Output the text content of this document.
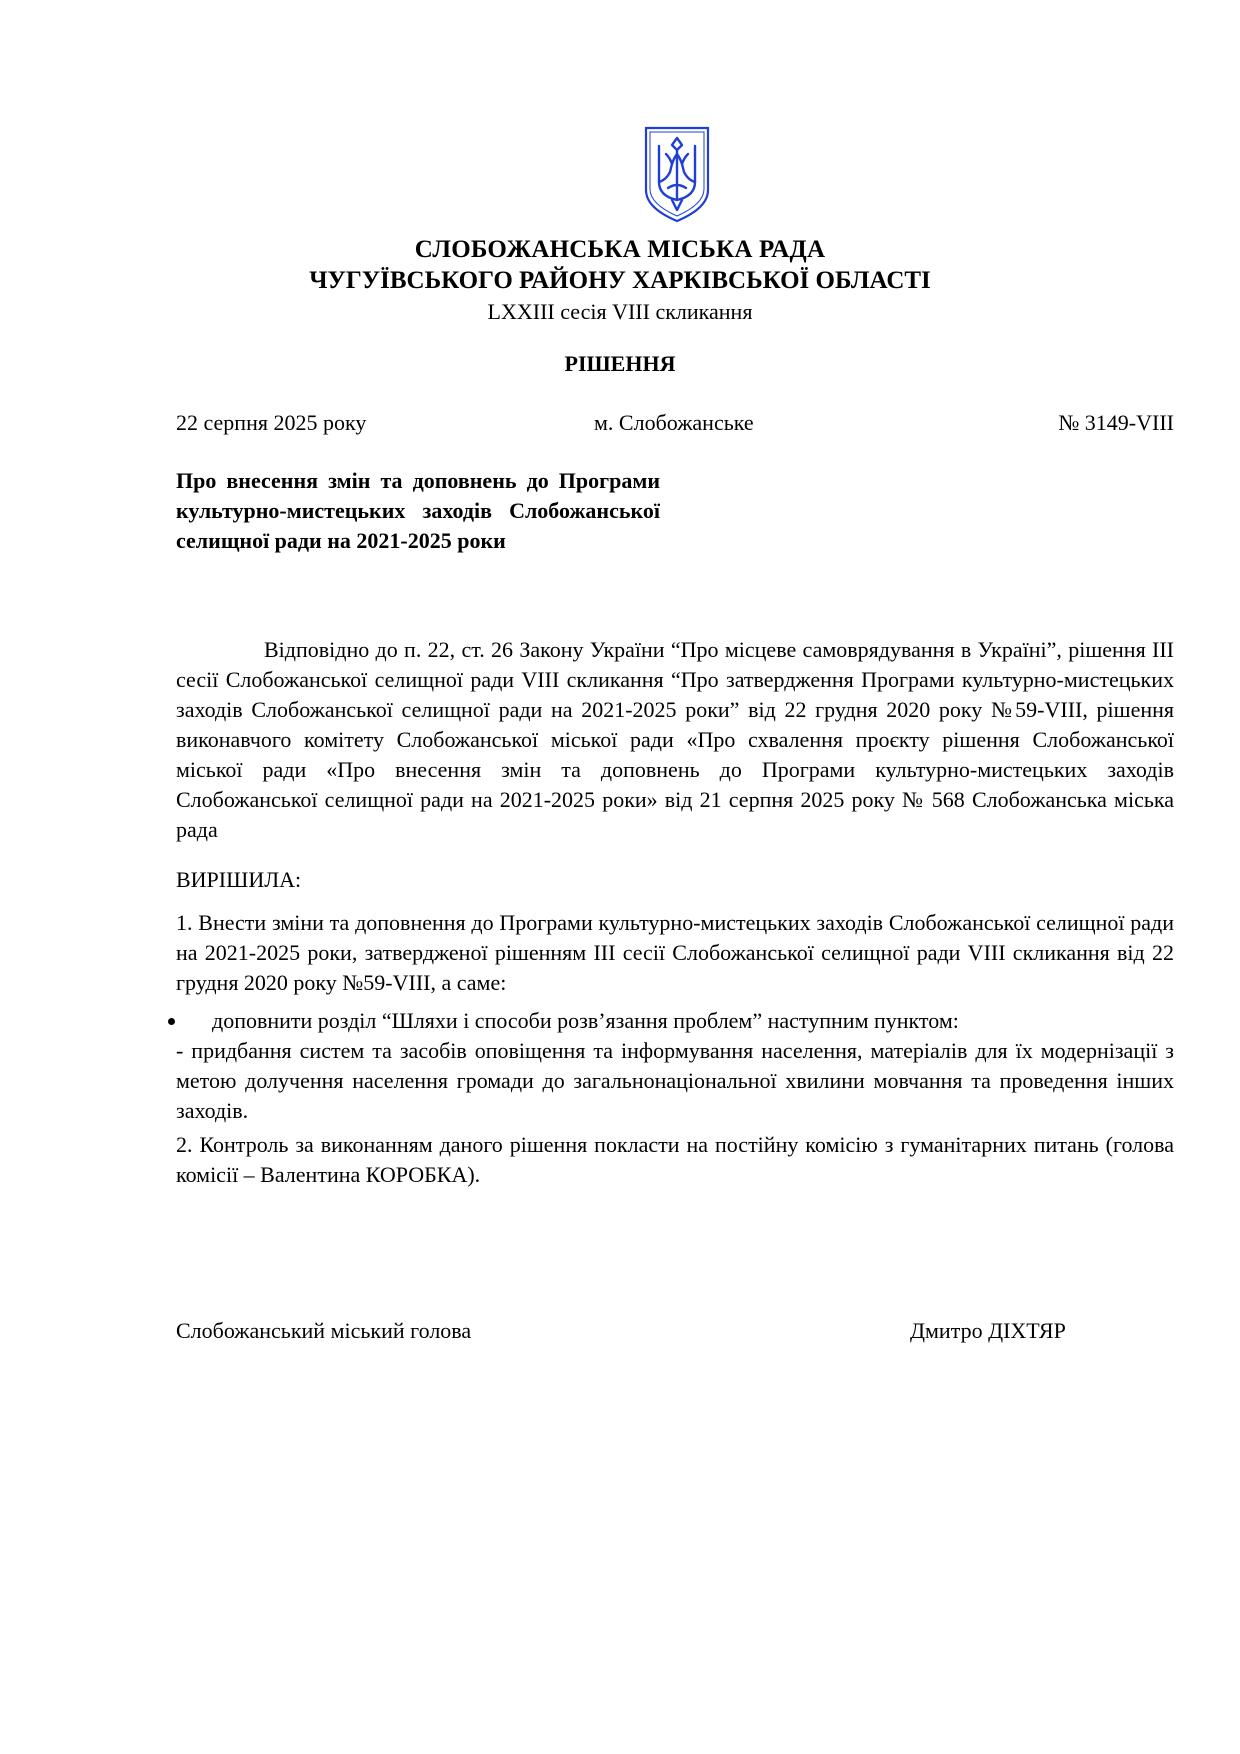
СЛОБОЖАНСЬКА МІСЬКА РАДА
ЧУГУЇВСЬКОГО РАЙОНУ ХАРКІВСЬКОЇ ОБЛАСТІ
LXXIII сесія VIII скликання
РІШЕННЯ
22 серпня 2025 року	м. Слобожанське	№ 3149-VIII
Про внесення змін та доповнень до Програми культурно-мистецьких заходів Слобожанської селищної ради на 2021-2025 роки
Відповідно до п. 22, ст. 26 Закону України “Про місцеве самоврядування в Україні”, рішення ІІІ сесії Слобожанської селищної ради VIII скликання “Про затвердження Програми культурно-мистецьких заходів Слобожанської селищної ради на 2021-2025 роки” від 22 грудня 2020 року №59-VIII, рішення виконавчого комітету Слобожанської міської ради «Про схвалення проєкту рішення Слобожанської міської ради «Про внесення змін та доповнень до Програми культурно-мистецьких заходів Слобожанської селищної ради на 2021-2025 роки» від 21 серпня 2025 року № 568 Слобожанська міська рада
ВИРІШИЛА:
1. Внести зміни та доповнення до Програми культурно-мистецьких заходів Слобожанської селищної ради на 2021-2025 роки, затвердженої рішенням ІІІ сесії Слобожанської селищної ради VIII скликання від 22 грудня 2020 року №59-VIII, а саме:
доповнити розділ “Шляхи і способи розв’язання проблем” наступним пунктом:
- придбання систем та засобів оповіщення та інформування населення, матеріалів для їх модернізації з метою долучення населення громади до загальнонаціональної хвилини мовчання та проведення інших заходів.
2. Контроль за виконанням даного рішення покласти на постійну комісію з гуманітарних питань (голова комісії – Валентина КОРОБКА).
Слобожанський міський голова	Дмитро ДІХТЯР
